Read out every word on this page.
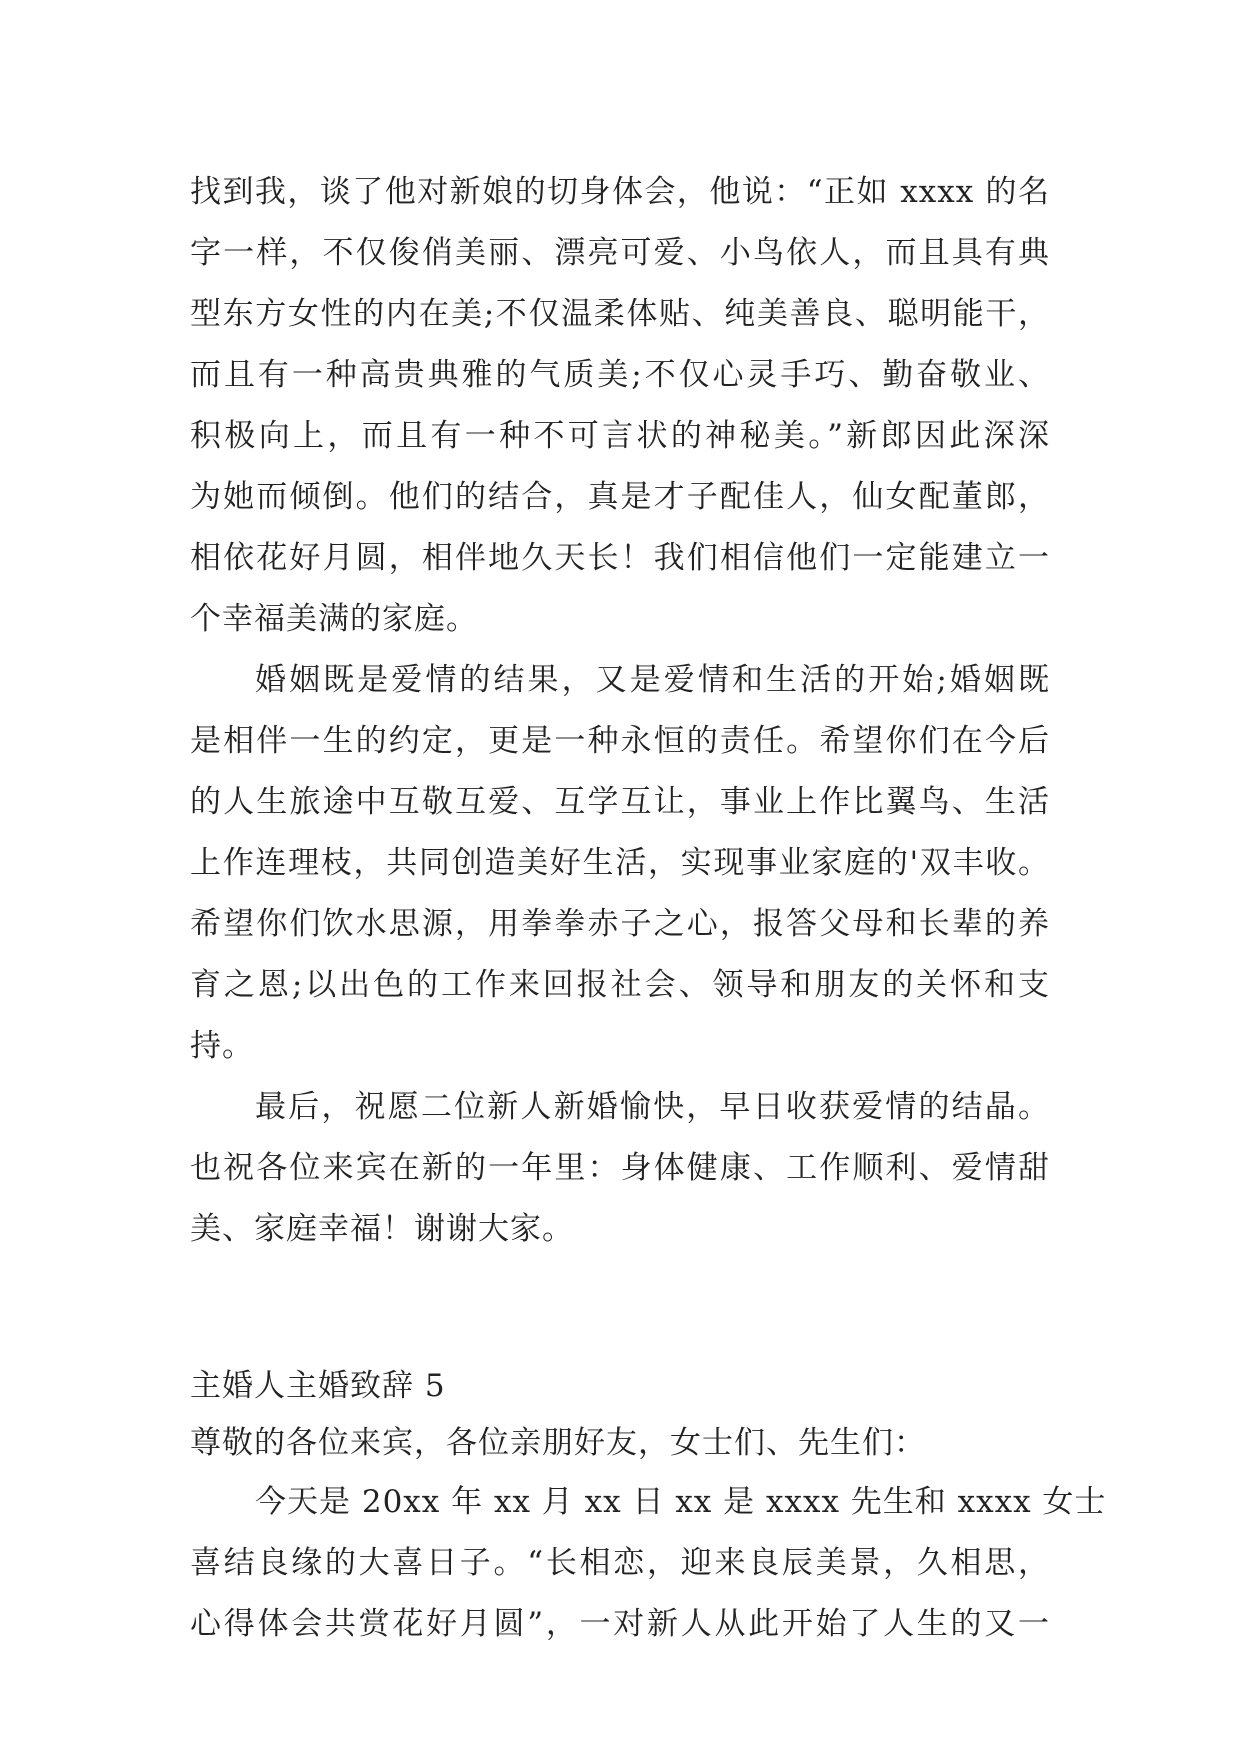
找到我，谈了他对新娘的切身体会，他说：“正如 xxxx 的名
字一样，不仅俊俏美丽、漂亮可爱、小鸟依人，而且具有典
型东方女性的内在美;不仅温柔体贴、纯美善良、聪明能干，
而且有一种高贵典雅的气质美;不仅心灵手巧、勤奋敬业、
积极向上，而且有一种不可言状的神秘美。”新郎因此深深
为她而倾倒。他们的结合，真是才子配佳人，仙女配董郎，
相依花好月圆，相伴地久天长！我们相信他们一定能建立一
个幸福美满的家庭。
婚姻既是爱情的结果，又是爱情和生活的开始;婚姻既
是相伴一生的约定，更是一种永恒的责任。希望你们在今后
的人生旅途中互敬互爱、互学互让，事业上作比翼鸟、生活
上作连理枝，共同创造美好生活，实现事业家庭的'双丰收。
希望你们饮水思源，用拳拳赤子之心，报答父母和长辈的养
育之恩;以出色的工作来回报社会、领导和朋友的关怀和支
持。
最后，祝愿二位新人新婚愉快，早日收获爱情的结晶。
也祝各位来宾在新的一年里：身体健康、工作顺利、爱情甜
美、家庭幸福！谢谢大家。
主婚人主婚致辞 5
尊敬的各位来宾，各位亲朋好友，女士们、先生们：
今天是 20xx 年 xx 月 xx 日 xx 是 xxxx 先生和 xxxx 女士
喜结良缘的大喜日子。“长相恋，迎来良辰美景，久相思，
心得体会共赏花好月圆”，一对新人从此开始了人生的又一
